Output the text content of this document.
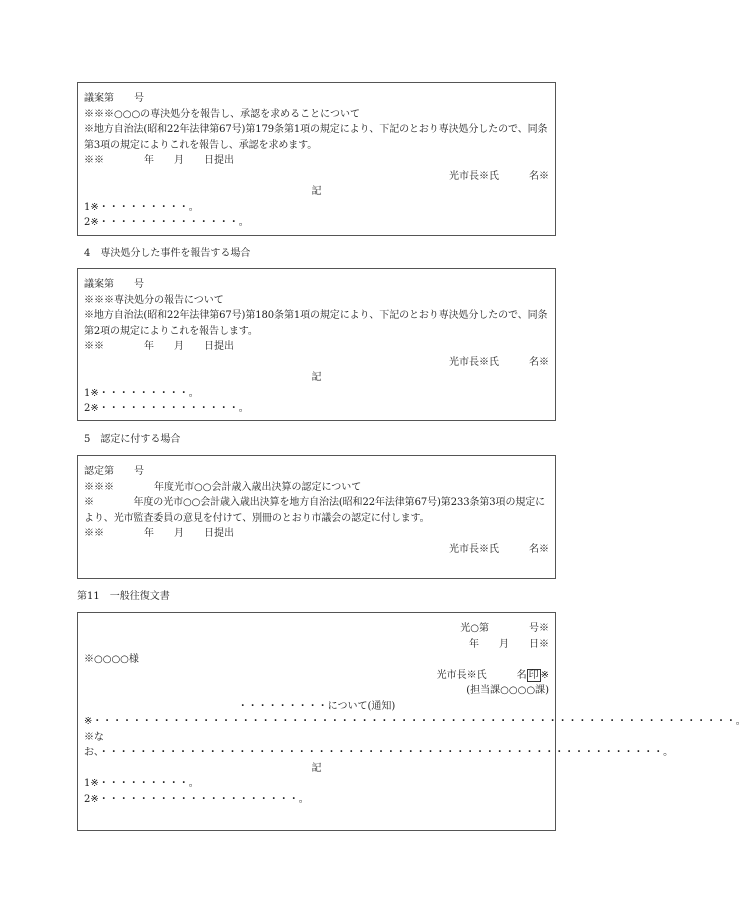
議案第　　号
※※※○○○の専決処分を報告し、承認を求めることについて
※地方自治法(昭和22年法律第67号)第179条第1項の規定により、下記のとおり専決処分したので、同条第3項の規定によりこれを報告し、承認を求めます。
※※　　　　年　　月　　日提出
光市長※氏　　　名※
記
1※・・・・・・・・・。
2※・・・・・・・・・・・・・・。
4　専決処分した事件を報告する場合
議案第　　号
※※※専決処分の報告について
※地方自治法(昭和22年法律第67号)第180条第1項の規定により、下記のとおり専決処分したので、同条第2項の規定によりこれを報告します。
※※　　　　年　　月　　日提出
光市長※氏　　　名※
記
1※・・・・・・・・・。
2※・・・・・・・・・・・・・・。
5　認定に付する場合
認定第　　号
※※※　　　　年度光市○○会計歳入歳出決算の認定について
※　　　　年度の光市○○会計歳入歳出決算を地方自治法(昭和22年法律第67号)第233条第3項の規定により、光市監査委員の意見を付けて、別冊のとおり市議会の認定に付します。
※※　　　　年　　月　　日提出
光市長※氏　　　名※
第11　一般往復文書
光○第　　　　号※
年　　月　　日※
※○○○○様
光市長※氏　　　名 印 ※
(担当課○○○○課)
・・・・・・・・・について(通知)
※・・・・・・・・・・・・・・・・・・・・・・・・・・・・・・・・・・・・・・・・・・・・・・・・・・・・・・・・・・・・・・・・・。
※なお、・・・・・・・・・・・・・・・・・・・・・・・・・・・・・・・・・・・・・・・・・・・・・・・・・・・・・・・・・。
記
1※・・・・・・・・・。
2※・・・・・・・・・・・・・・・・・・・・。
